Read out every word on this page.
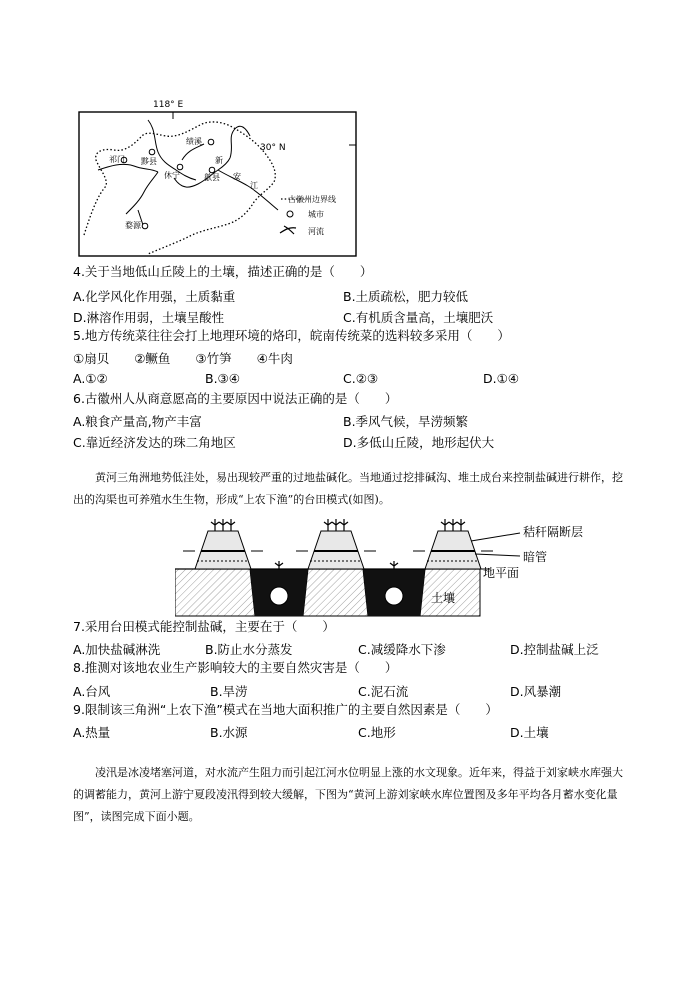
118° E
30° N
祁门 黟县
绩溪
休宁	歙县
婺源
新
安
江
古徽州边界线
城市
河流
4.关于当地低山丘陵上的土壤，描述正确的是（　　）
A.化学风化作用强，土质黏重	B.土质疏松，肥力较低
D.淋溶作用弱，土壤呈酸性	C.有机质含量高，土壤肥沃
5.地方传统菜往往会打上地理环境的烙印，皖南传统菜的选料较多采用（　　）
①扇贝　　②鳜鱼　　③竹笋　　④牛肉
A.①②	B.③④	C.②③	D.①④
6.古徽州人从商意愿高的主要原因中说法正确的是（　　）
A.粮食产量高,物产丰富	B.季风气候，旱涝频繁
C.靠近经济发达的珠二角地区	D.多低山丘陵，地形起伏大
黄河三角洲地势低洼处，易出现较严重的过地盐碱化。当地通过挖排碱沟、堆土成台来控制盐碱进行耕作，挖出的沟渠也可养殖水生生物，形成“上农下渔”的台田模式(如图)。
秸秆隔断层
暗管
地平面
土壤
7.采用台田模式能控制盐碱，主要在于（　　）
A.加快盐碱淋洗	B.防止水分蒸发	C.减缓降水下渗	D.控制盐碱上泛
8.推测对该地农业生产影响较大的主要自然灾害是（　　）
A.台风	B.旱涝	C.泥石流	D.风暴潮
9.限制该三角洲“上农下渔”模式在当地大面积推广的主要自然因素是（　　）
A.热量	B.水源	C.地形	D.土壤
凌汛是冰凌堵塞河道，对水流产生阻力而引起江河水位明显上涨的水文现象。近年来，得益于刘家峡水库强大的调蓄能力，黄河上游宁夏段凌汛得到较大缓解，下图为“黄河上游刘家峡水库位置图及多年平均各月蓄水变化量图”，读图完成下面小题。
